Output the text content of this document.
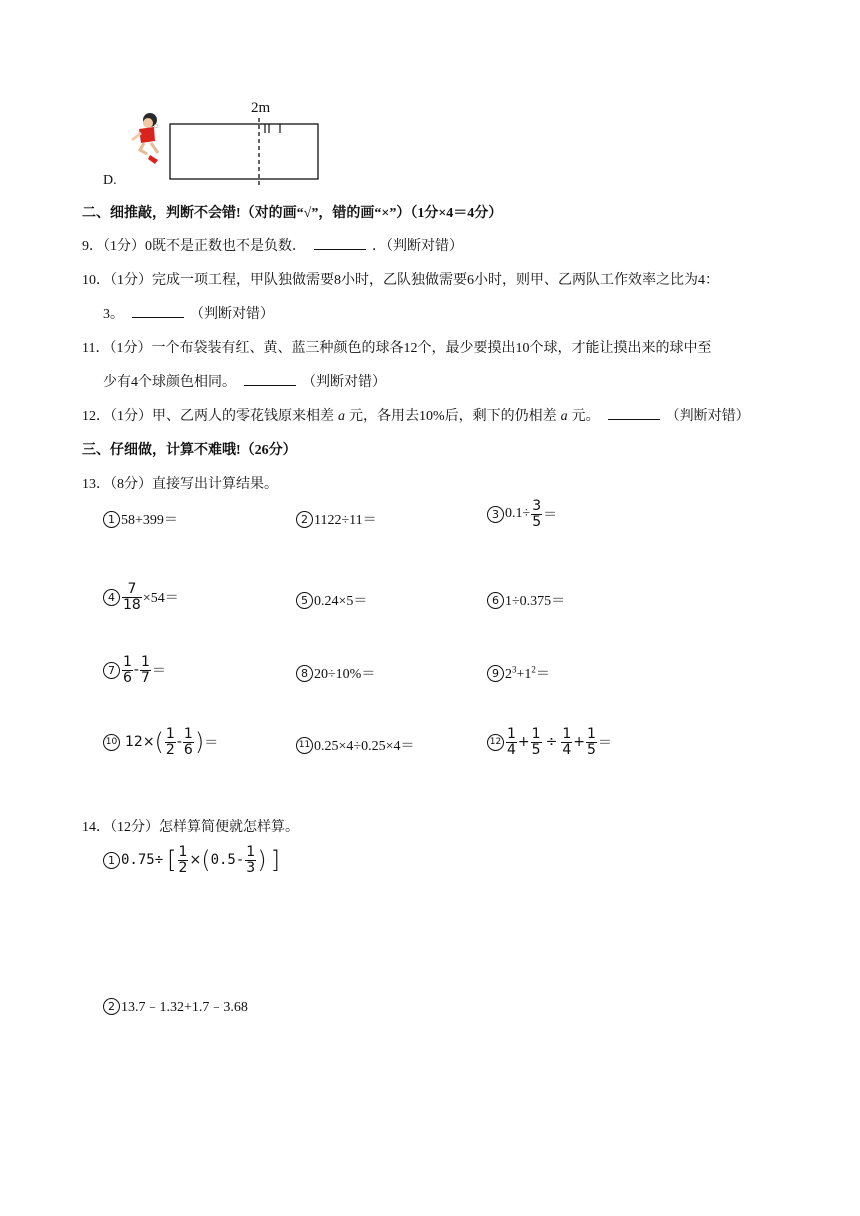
2m
D.
二、细推敲，判断不会错!（对的画“√”，错的画“×”）（1分×4＝4分）
9．（1分）0既不是正数也不是负数．	．（判断对错）
10．（1分）完成一项工程，甲队独做需要8小时，乙队独做需要6小时，则甲、乙两队工作效率之比为4：
3。	（判断对错）
11．（1分）一个布袋装有红、黄、蓝三种颜色的球各12个，最少要摸出10个球，才能让摸出来的球中至
少有4个球颜色相同。	（判断对错）
12．（1分）甲、乙两人的零花钱原来相差 a 元，各用去10%后，剩下的仍相差 a 元。	（判断对错）
三、仔细做，计算不难哦!（26分）
13．（8分）直接写出计算结果。
1 58+399＝	2 1122÷11＝	3 $0.1\div \frac{3}{5}$ ＝
$4 \frac{7}{18} \times 54=$	5 0.24×5＝	6 1÷0.375＝
$7 \frac{1}{6} - \frac{1}{7}$ ＝	8 20÷10%＝	9 $2^3+1^2=$
10 $12\times( \frac{1}{2} - \frac{1}{6}$ )＝	11 0.25×4÷0.25×4＝	$12 \frac{1}{4} + \frac{1}{5} \div \frac{1}{4} + \frac{1}{5}$ ＝
14．（12分）怎样算简便就怎样算。
1 0.75÷ [ $\frac{1}{2} \times(0.5- \frac{1}{3}$ ) ]
2 13.7﹣1.32+1.7﹣3.68
